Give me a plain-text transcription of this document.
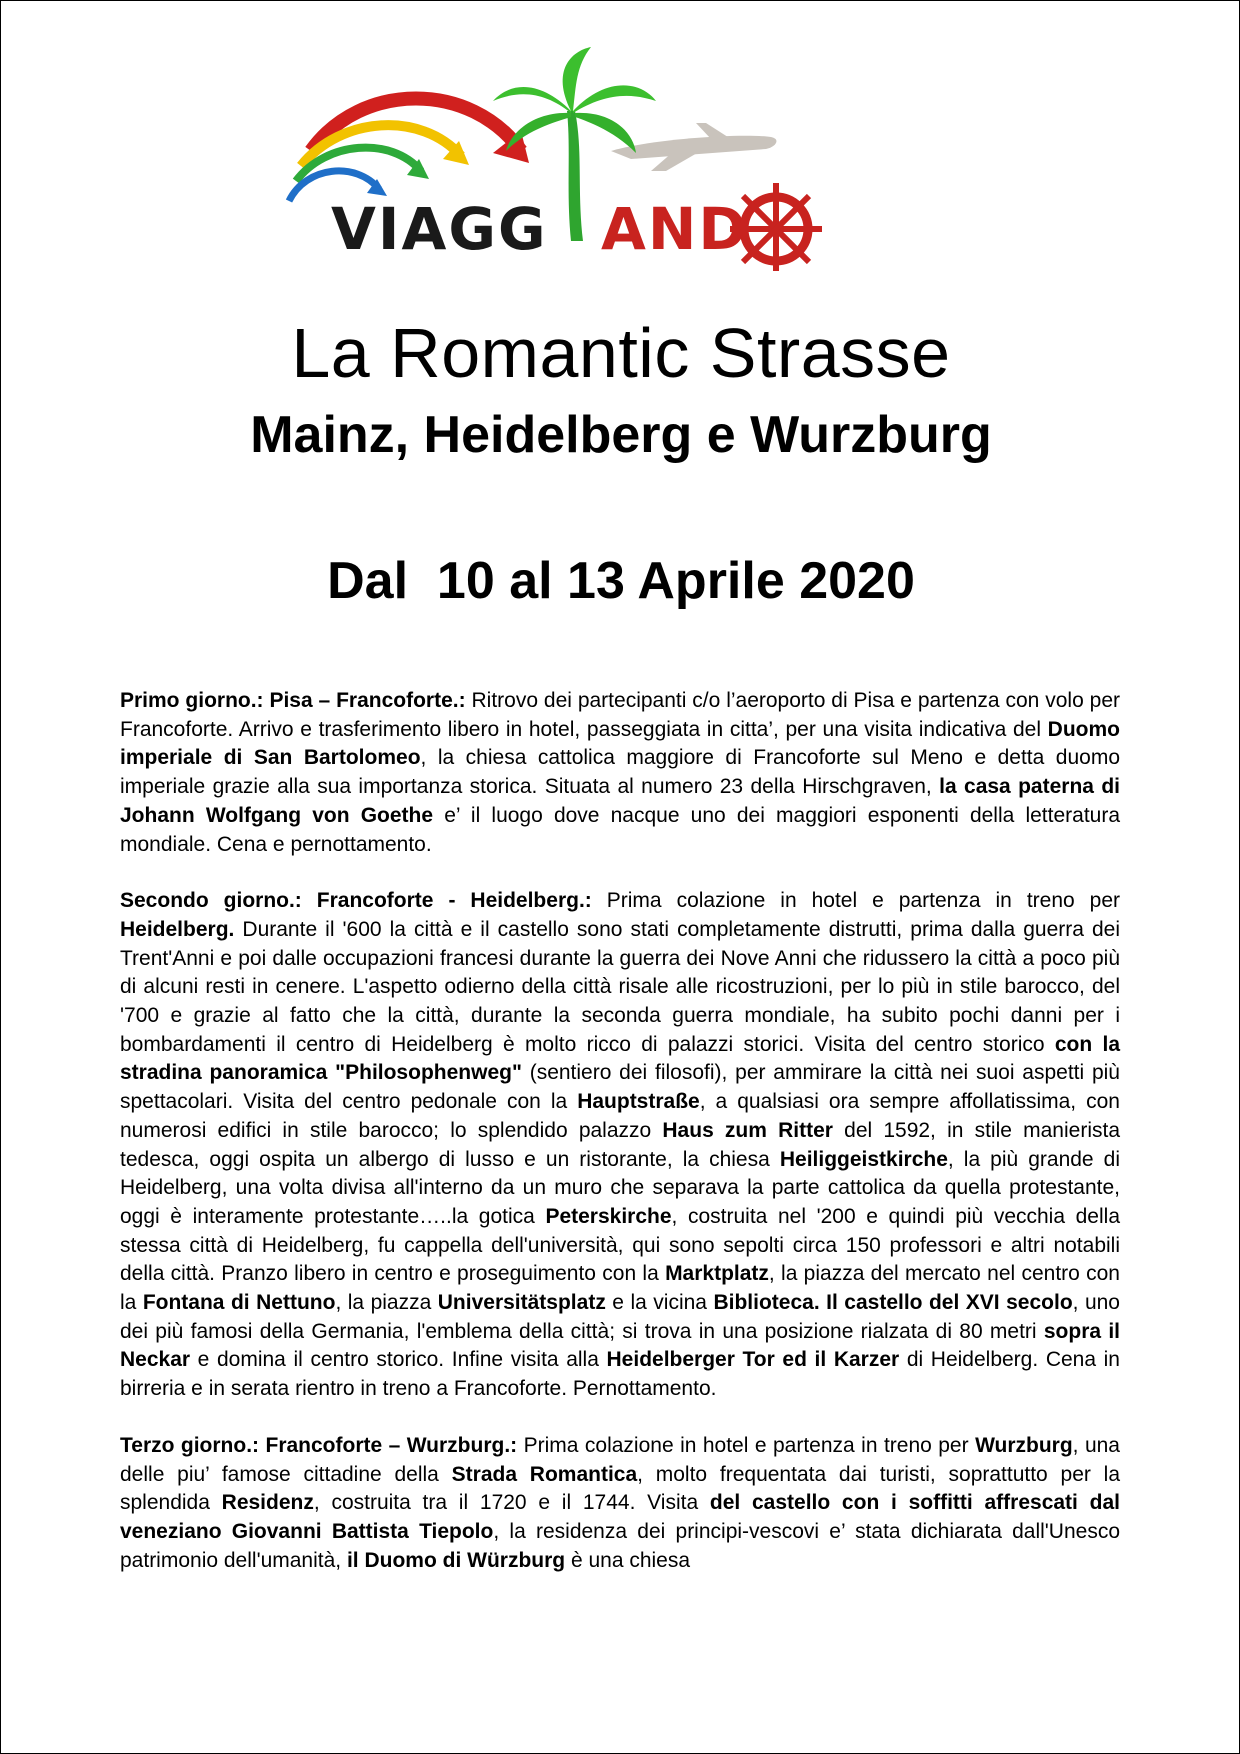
VIAGG AND
La Romantic Strasse
Mainz, Heidelberg e Wurzburg
Dal  10 al 13 Aprile 2020

Primo giorno.: Pisa – Francoforte.: Ritrovo dei partecipanti c/o l’aeroporto di Pisa e partenza con volo per Francoforte. Arrivo e trasferimento libero in hotel, passeggiata in citta’, per una visita indicativa del Duomo imperiale di San Bartolomeo, la chiesa cattolica maggiore di Francoforte sul Meno e detta duomo imperiale grazie alla sua importanza storica. Situata al numero 23 della Hirschgraven, la casa paterna di Johann Wolfgang von Goethe e’ il luogo dove nacque uno dei maggiori esponenti della letteratura mondiale. Cena e pernottamento.

Secondo giorno.: Francoforte - Heidelberg.: Prima colazione in hotel e partenza in treno per Heidelberg. Durante il '600 la città e il castello sono stati completamente distrutti, prima dalla guerra dei Trent'Anni e poi dalle occupazioni francesi durante la guerra dei Nove Anni che ridussero la città a poco più di alcuni resti in cenere. L'aspetto odierno della città risale alle ricostruzioni, per lo più in stile barocco, del '700 e grazie al fatto che la città, durante la seconda guerra mondiale, ha subito pochi danni per i bombardamenti il centro di Heidelberg è molto ricco di palazzi storici. Visita del centro storico con la stradina panoramica "Philosophenweg" (sentiero dei filosofi), per ammirare la città nei suoi aspetti più spettacolari. Visita del centro pedonale con la Hauptstraße, a qualsiasi ora sempre affollatissima, con numerosi edifici in stile barocco; lo splendido palazzo Haus zum Ritter del 1592, in stile manierista tedesca, oggi ospita un albergo di lusso e un ristorante, la chiesa Heiliggeistkirche, la più grande di Heidelberg, una volta divisa all'interno da un muro che separava la parte cattolica da quella protestante, oggi è interamente protestante…..la gotica Peterskirche, costruita nel '200 e quindi più vecchia della stessa città di Heidelberg, fu cappella dell'università, qui sono sepolti circa 150 professori e altri notabili della città. Pranzo libero in centro e proseguimento con la Marktplatz, la piazza del mercato nel centro con la Fontana di Nettuno, la piazza Universitätsplatz e la vicina Biblioteca. Il castello del XVI secolo, uno dei più famosi della Germania, l'emblema della città; si trova in una posizione rialzata di 80 metri sopra il Neckar e domina il centro storico. Infine visita alla Heidelberger Tor ed il Karzer di Heidelberg. Cena in birreria e in serata rientro in treno a Francoforte. Pernottamento.

Terzo giorno.: Francoforte – Wurzburg.: Prima colazione in hotel e partenza in treno per Wurzburg, una delle piu’ famose cittadine della Strada Romantica, molto frequentata dai turisti, soprattutto per la splendida Residenz, costruita tra il 1720 e il 1744. Visita del castello con i soffitti affrescati dal veneziano Giovanni Battista Tiepolo, la residenza dei principi-vescovi e’ stata dichiarata dall'Unesco patrimonio dell'umanità, il Duomo di Würzburg è una chiesa
